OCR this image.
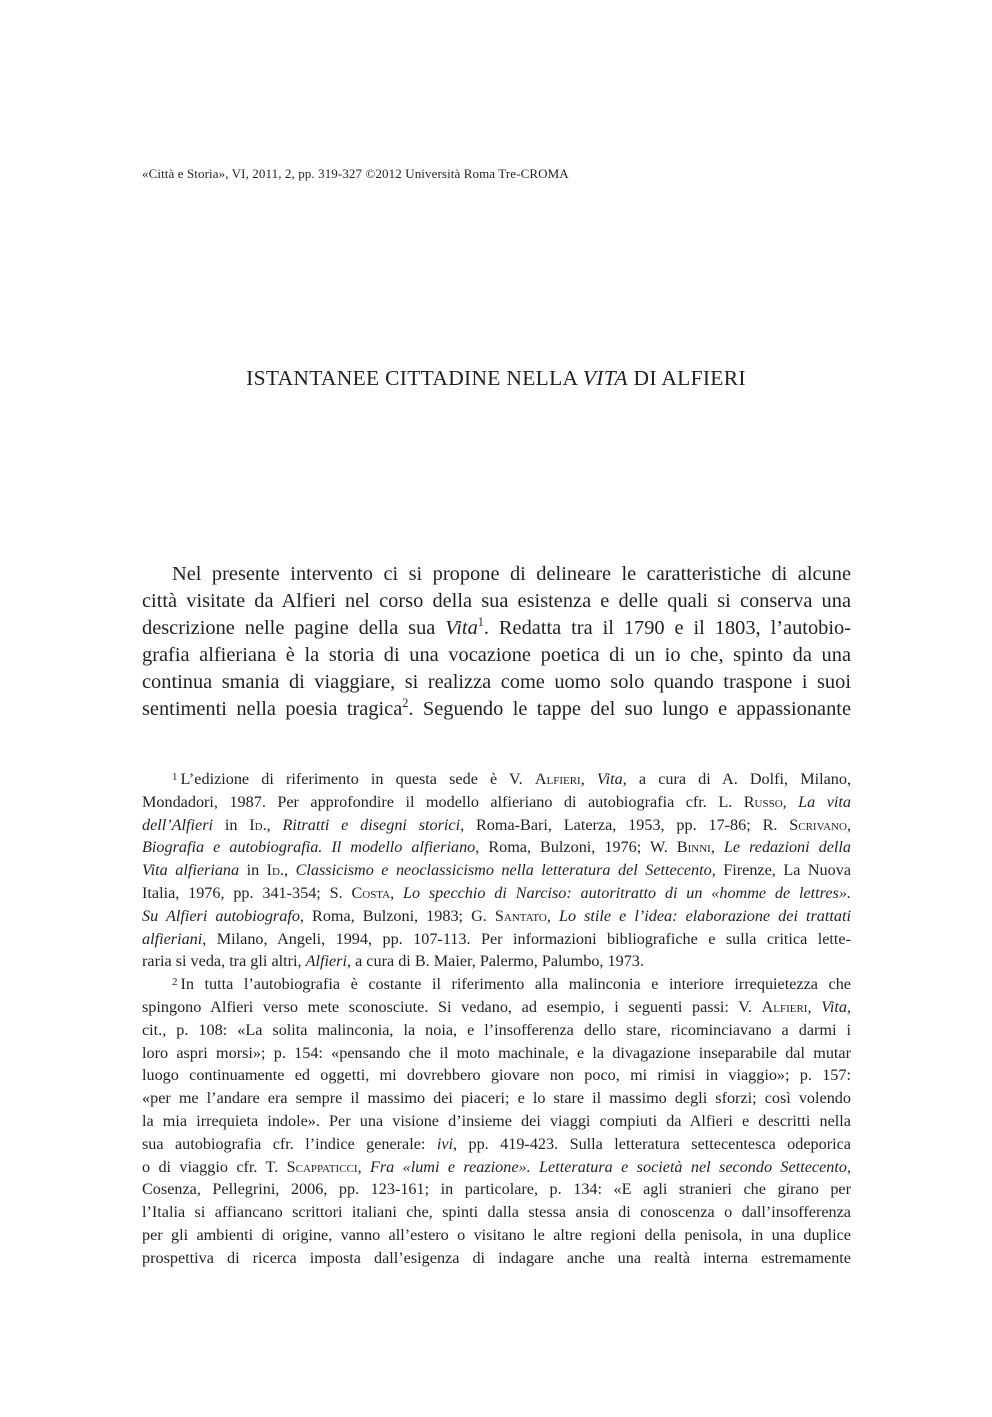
«Città e Storia», VI, 2011, 2, pp. 319-327 ©2012 Università Roma Tre-CROMA
ISTANTANEE CITTADINE NELLA VITA DI ALFIERI
Nel presente intervento ci si propone di delineare le caratteristiche di alcune
città visitate da Alfieri nel corso della sua esistenza e delle quali si conserva una
descrizione nelle pagine della sua Vita$^1$. Redatta tra il 1790 e il 1803, l’autobio-
grafia alfieriana è la storia di una vocazione poetica di un io che, spinto da una
continua smania di viaggiare, si realizza come uomo solo quando traspone i suoi
sentimenti nella poesia tragica$^2$. Seguendo le tappe del suo lungo e appassionante
$^1$ L’edizione di riferimento in questa sede è V. Alfieri, Vita, a cura di A. Dolfi, Milano,
Mondadori, 1987. Per approfondire il modello alfieriano di autobiografia cfr. L. Russo, La vita
dell’Alfieri in Id., Ritratti e disegni storici, Roma-Bari, Laterza, 1953, pp. 17-86; R. Scrivano,
Biografia e autobiografia. Il modello alfieriano, Roma, Bulzoni, 1976; W. Binni, Le redazioni della
Vita alfieriana in Id., Classicismo e neoclassicismo nella letteratura del Settecento, Firenze, La Nuova
Italia, 1976, pp. 341-354; S. Costa, Lo specchio di Narciso: autoritratto di un «homme de lettres».
Su Alfieri autobiografo, Roma, Bulzoni, 1983; G. Santato, Lo stile e l’idea: elaborazione dei trattati
alfieriani, Milano, Angeli, 1994, pp. 107-113. Per informazioni bibliografiche e sulla critica lette-
raria si veda, tra gli altri, Alfieri, a cura di B. Maier, Palermo, Palumbo, 1973.
$^2$ In tutta l’autobiografia è costante il riferimento alla malinconia e interiore irrequietezza che
spingono Alfieri verso mete sconosciute. Si vedano, ad esempio, i seguenti passi: V. Alfieri, Vita,
cit., p. 108: «La solita malinconia, la noia, e l’insofferenza dello stare, ricominciavano a darmi i
loro aspri morsi»; p. 154: «pensando che il moto machinale, e la divagazione inseparabile dal mutar
luogo continuamente ed oggetti, mi dovrebbero giovare non poco, mi rimisi in viaggio»; p. 157:
«per me l’andare era sempre il massimo dei piaceri; e lo stare il massimo degli sforzi; così volendo
la mia irrequieta indole». Per una visione d’insieme dei viaggi compiuti da Alfieri e descritti nella
sua autobiografia cfr. l’indice generale: ivi, pp. 419-423. Sulla letteratura settecentesca odeporica
o di viaggio cfr. T. Scappaticci, Fra «lumi e reazione». Letteratura e società nel secondo Settecento,
Cosenza, Pellegrini, 2006, pp. 123-161; in particolare, p. 134: «E agli stranieri che girano per
l’Italia si affiancano scrittori italiani che, spinti dalla stessa ansia di conoscenza o dall’insofferenza
per gli ambienti di origine, vanno all’estero o visitano le altre regioni della penisola, in una duplice
prospettiva di ricerca imposta dall’esigenza di indagare anche una realtà interna estremamente
